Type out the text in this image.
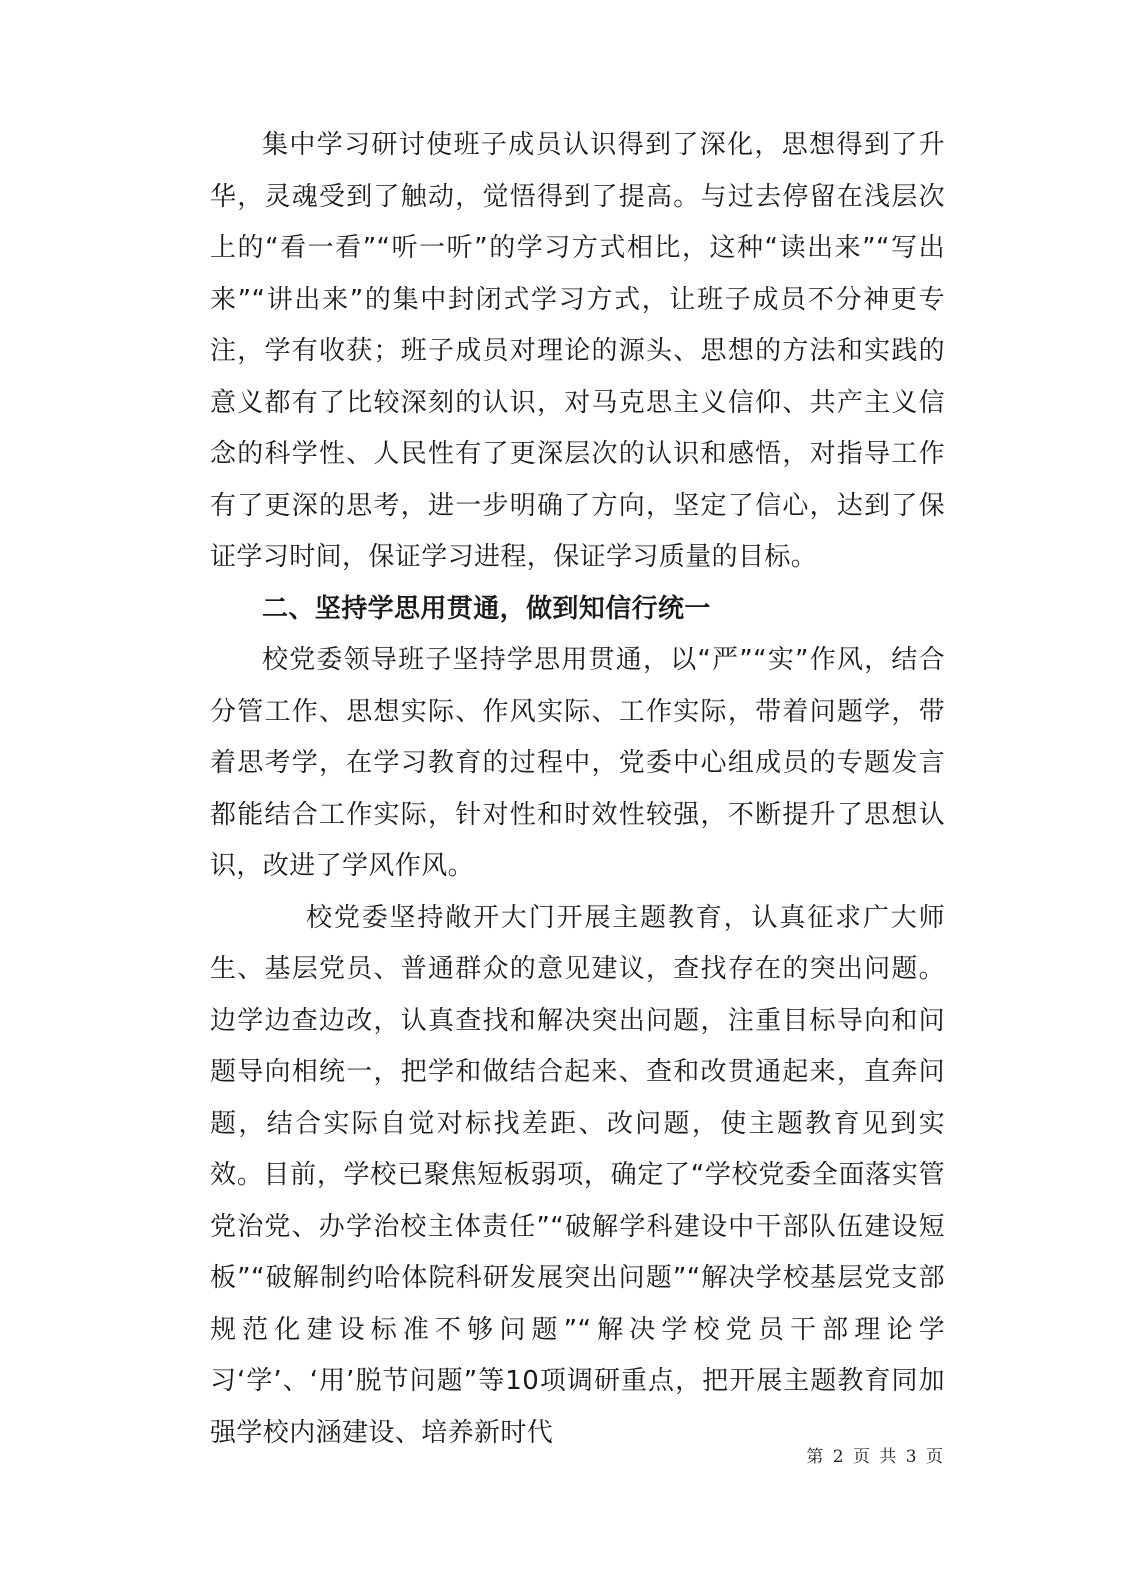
集中学习研讨使班子成员认识得到了深化，思想得到了升华，灵魂受到了触动，觉悟得到了提高。与过去停留在浅层次上的“看一看”“听一听”的学习方式相比，这种“读出来”“写出来”“讲出来”的集中封闭式学习方式，让班子成员不分神更专注，学有收获；班子成员对理论的源头、思想的方法和实践的意义都有了比较深刻的认识，对马克思主义信仰、共产主义信念的科学性、人民性有了更深层次的认识和感悟，对指导工作有了更深的思考，进一步明确了方向，坚定了信心，达到了保证学习时间，保证学习进程，保证学习质量的目标。

二、坚持学思用贯通，做到知信行统一

校党委领导班子坚持学思用贯通，以“严”“实”作风，结合分管工作、思想实际、作风实际、工作实际，带着问题学，带着思考学，在学习教育的过程中，党委中心组成员的专题发言都能结合工作实际，针对性和时效性较强，不断提升了思想认识，改进了学风作风。

校党委坚持敞开大门开展主题教育，认真征求广大师生、基层党员、普通群众的意见建议，查找存在的突出问题。边学边查边改，认真查找和解决突出问题，注重目标导向和问题导向相统一，把学和做结合起来、查和改贯通起来，直奔问题，结合实际自觉对标找差距、改问题，使主题教育见到实效。目前，学校已聚焦短板弱项，确定了“学校党委全面落实管党治党、办学治校主体责任”“破解学科建设中干部队伍建设短板”“破解制约哈体院科研发展突出问题”“解决学校基层党支部规范化建设标准不够问题”“解决学校党员干部理论学习‘学’、‘用’脱节问题”等10项调研重点，把开展主题教育同加强学校内涵建设、培养新时代

第 2 页 共 3 页
